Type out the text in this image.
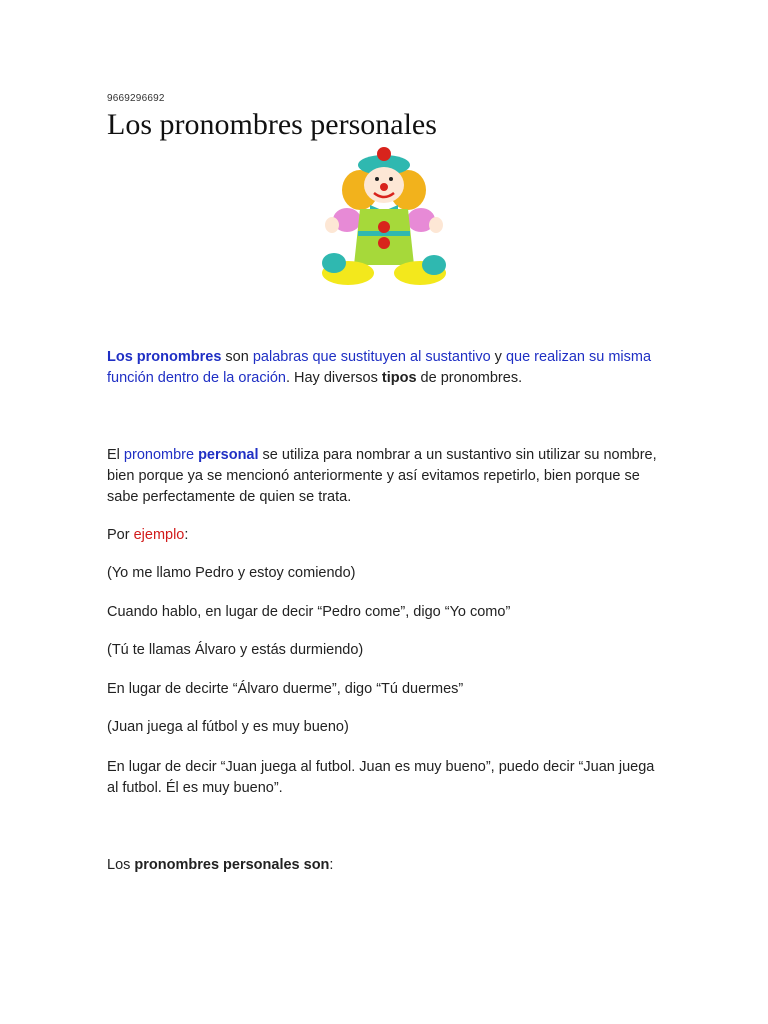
9669296692
Los pronombres personales

Los pronombres son palabras que sustituyen al sustantivo y que realizan su misma función dentro de la oración. Hay diversos tipos de pronombres.

El pronombre personal se utiliza para nombrar a un sustantivo sin utilizar su nombre, bien porque ya se mencionó anteriormente y así evitamos repetirlo, bien porque se sabe perfectamente de quien se trata.

Por ejemplo:

(Yo me llamo Pedro y estoy comiendo)

Cuando hablo, en lugar de decir “Pedro come”, digo “Yo como”

(Tú te llamas Álvaro y estás durmiendo)

En lugar de decirte “Álvaro duerme”, digo “Tú duermes”

(Juan juega al fútbol y es muy bueno)

En lugar de decir “Juan juega al futbol. Juan es muy bueno”, puedo decir “Juan juega al futbol. Él es muy bueno”.

Los pronombres personales son:
